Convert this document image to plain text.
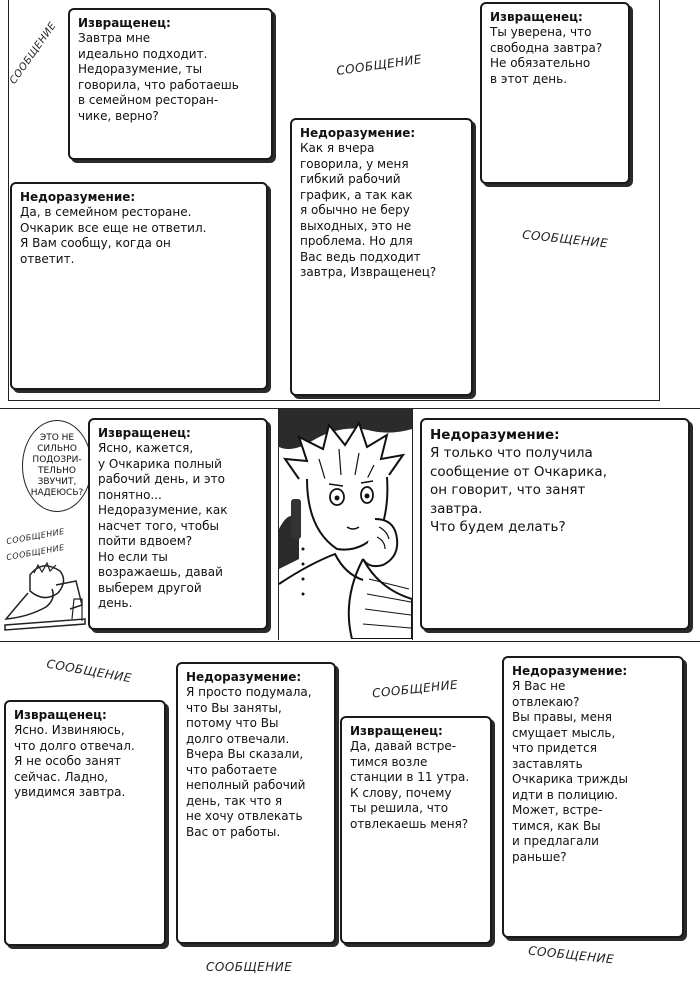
Извращенец:
Завтра мне
идеально подходит.
Недоразумение, ты
говорила, что работаешь
в семейном ресторан-
чике, верно?
Извращенец:
Ты уверена, что
свободна завтра?
Не обязательно
в этот день.
Недоразумение:
Как я вчера
говорила, у меня
гибкий рабочий
график, а так как
я обычно не беру
выходных, это не
проблема. Но для
Вас ведь подходит
завтра, Извращенец?
Недоразумение:
Да, в семейном ресторане.
Очкарик все еще не ответил.
Я Вам сообщу, когда он
ответит.
СООБЩЕНИЕ	СООБЩЕНИЕ
СООБЩЕНИЕ
ЭТО НЕ
СИЛЬНО
ПОДОЗРИ-
ТЕЛЬНО
ЗВУЧИТ,
НАДЕЮСЬ?
СООБЩЕНИЕ
СООБЩЕНИЕ
Извращенец:
Ясно, кажется,
у Очкарика полный
рабочий день, и это
понятно...
Недоразумение, как
насчет того, чтобы
пойти вдвоем?
Но если ты
возражаешь, давай
выберем другой
день.
Недоразумение:
Я только что получила
сообщение от Очкарика,
он говорит, что занят
завтра.
Что будем делать?
Недоразумение:
Я Вас не
отвлекаю?
Вы правы, меня
смущает мысль,
что придется
заставлять
Очкарика трижды
идти в полицию.
Может, встре-
тимся, как Вы
и предлагали
раньше?
Недоразумение:
Я просто подумала,
что Вы заняты,
потому что Вы
долго отвечали.
Вчера Вы сказали,
что работаете
неполный рабочий
день, так что я
не хочу отвлекать
Вас от работы.
Извращенец:
Да, давай встре-
тимся возле
станции в 11 утра.
К слову, почему
ты решила, что
отвлекаешь меня?
Извращенец:
Ясно. Извиняюсь,
что долго отвечал.
Я не особо занят
сейчас. Ладно,
увидимся завтра.
СООБЩЕНИЕ
СООБЩЕНИЕ
СООБЩЕНИЕ
СООБЩЕНИЕ
